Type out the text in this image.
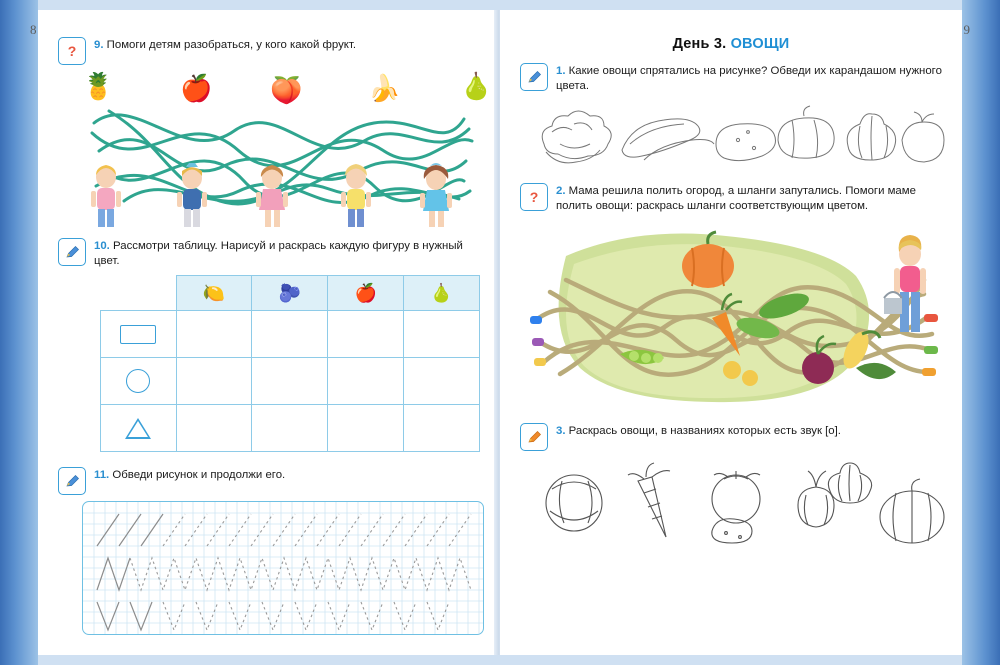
8	9
? 9. Помоги детям разобраться, у кого какой фрукт.
🍍	🍎 🍑	🍌 🍐
10. Рассмотри таблицу. Нарисуй и раскрась каждую фигуру в нужный цвет.
	🍋	🫐	🍎	🍐

11. Обведи рисунок и продолжи его.
День 3. ОВОЩИ
1. Какие овощи спрятались на рисунке? Обведи их карандашом нужного цвета.
? 2. Мама решила полить огород, а шланги запутались. Помоги маме полить овощи: раскрась шланги соответствующим цветом.
3. Раскрась овощи, в названиях которых есть звук [о].
